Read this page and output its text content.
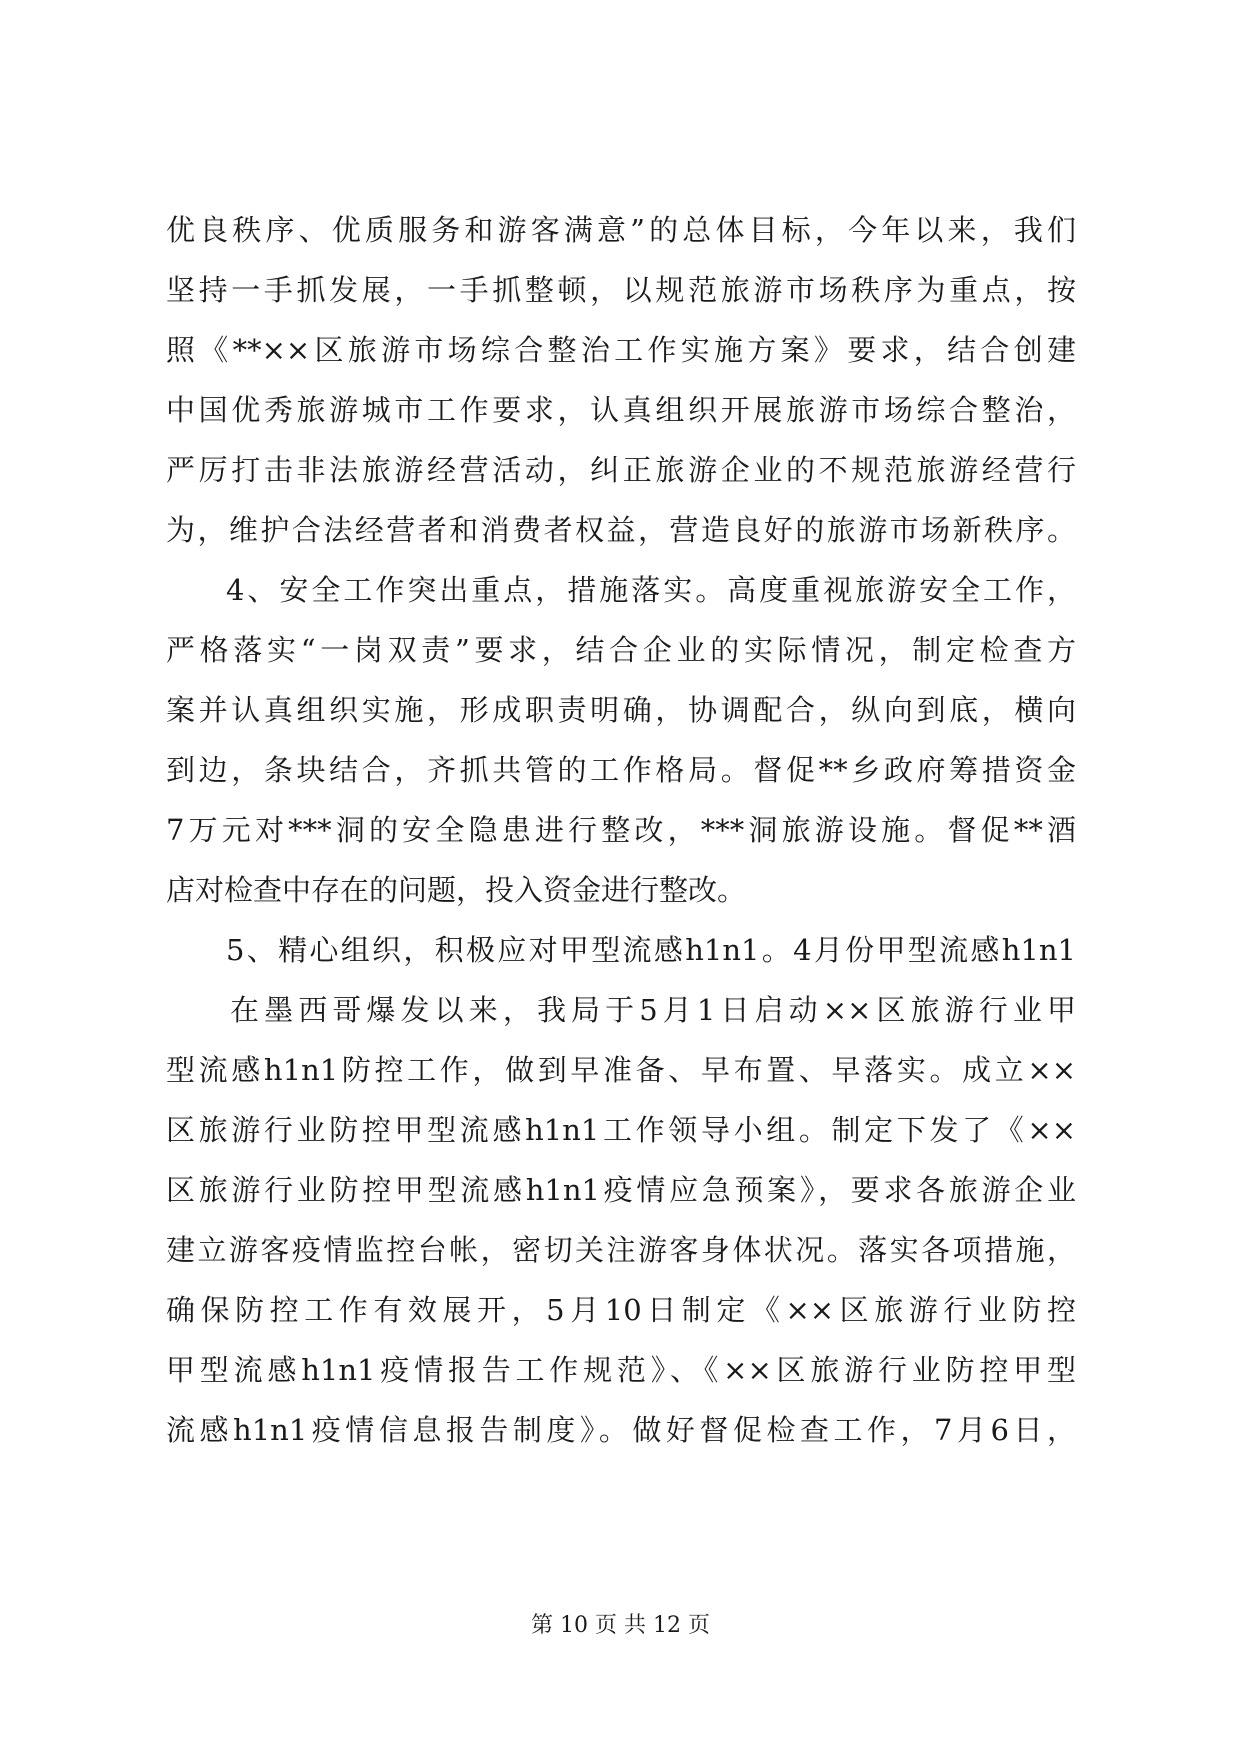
优良秩序、优质服务和游客满意”的总体目标，今年以来，我们
坚持一手抓发展，一手抓整顿，以规范旅游市场秩序为重点，按
照《**××区旅游市场综合整治工作实施方案》要求，结合创建
中国优秀旅游城市工作要求，认真组织开展旅游市场综合整治，
严厉打击非法旅游经营活动，纠正旅游企业的不规范旅游经营行
为，维护合法经营者和消费者权益，营造良好的旅游市场新秩序。
4、安全工作突出重点，措施落实。高度重视旅游安全工作，
严格落实“一岗双责”要求，结合企业的实际情况，制定检查方
案并认真组织实施，形成职责明确，协调配合，纵向到底，横向
到边，条块结合，齐抓共管的工作格局。督促**乡政府筹措资金
7万元对***洞的安全隐患进行整改，***洞旅游设施。督促**酒
店对检查中存在的问题，投入资金进行整改。
5、精心组织，积极应对甲型流感h1n1。4月份甲型流感h1n1
在墨西哥爆发以来，我局于5月1日启动××区旅游行业甲
型流感h1n1防控工作，做到早准备、早布置、早落实。成立××
区旅游行业防控甲型流感h1n1工作领导小组。制定下发了《××
区旅游行业防控甲型流感h1n1疫情应急预案》，要求各旅游企业
建立游客疫情监控台帐，密切关注游客身体状况。落实各项措施，
确保防控工作有效展开，5月10日制定《××区旅游行业防控
甲型流感h1n1疫情报告工作规范》、《××区旅游行业防控甲型
流感h1n1疫情信息报告制度》。做好督促检查工作，7月6日，
第 10 页 共 12 页
